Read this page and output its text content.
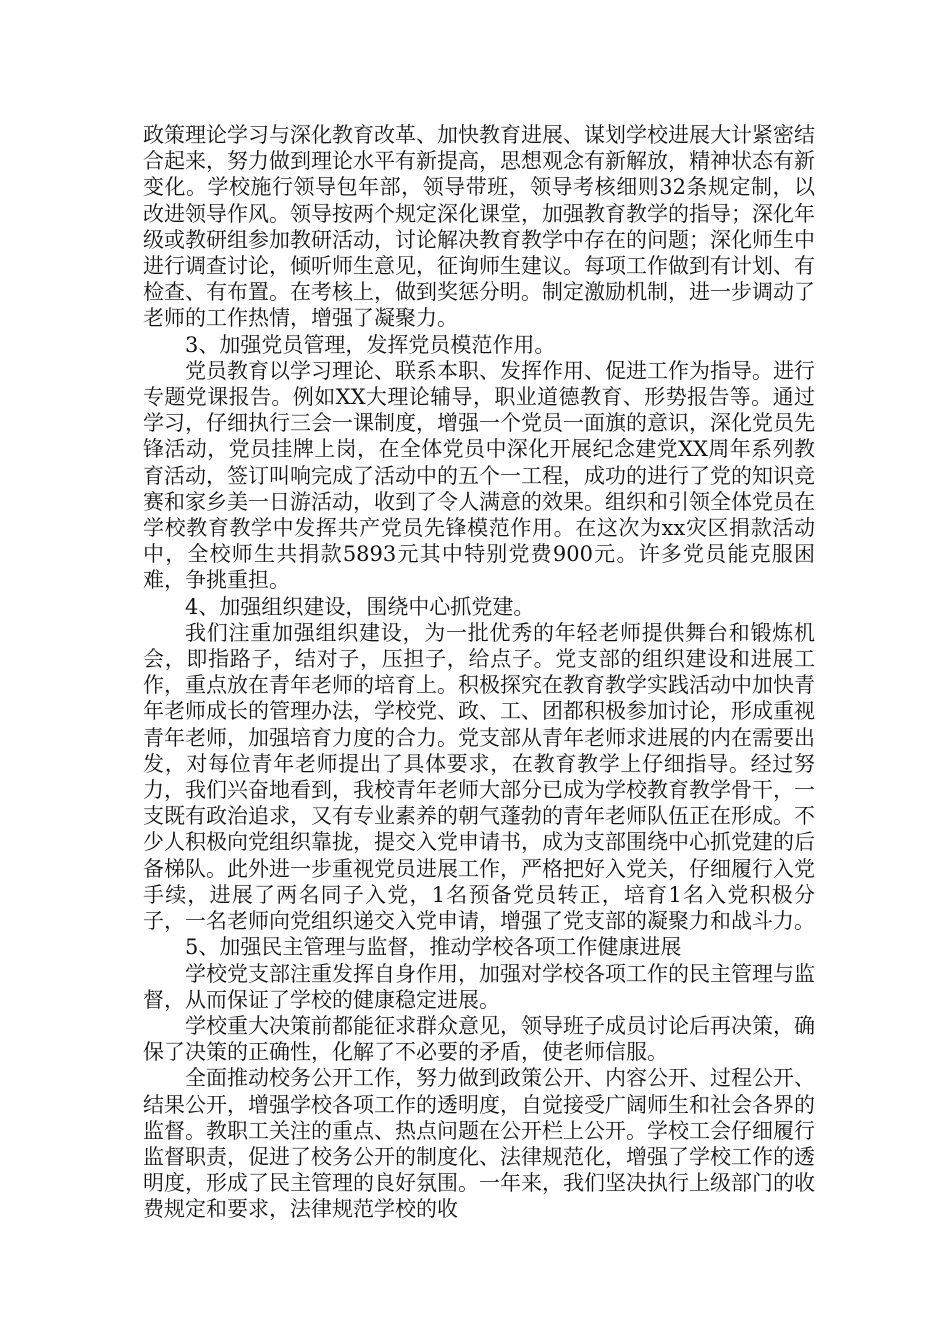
政策理论学习与深化教育改革、加快教育进展、谋划学校进展大计紧密结合起来，努力做到理论水平有新提高，思想观念有新解放，精神状态有新变化。学校施行领导包年部，领导带班，领导考核细则32条规定制，以改进领导作风。领导按两个规定深化课堂，加强教育教学的指导；深化年级或教研组参加教研活动，讨论解决教育教学中存在的问题；深化师生中进行调查讨论，倾听师生意见，征询师生建议。每项工作做到有计划、有检查、有布置。在考核上，做到奖惩分明。制定激励机制，进一步调动了老师的工作热情，增强了凝聚力。

3、加强党员管理，发挥党员模范作用。

党员教育以学习理论、联系本职、发挥作用、促进工作为指导。进行专题党课报告。例如XX大理论辅导，职业道德教育、形势报告等。通过学习，仔细执行三会一课制度，增强一个党员一面旗的意识，深化党员先锋活动，党员挂牌上岗，在全体党员中深化开展纪念建党XX周年系列教育活动，签订叫响完成了活动中的五个一工程，成功的进行了党的知识竞赛和家乡美一日游活动，收到了令人满意的效果。组织和引领全体党员在学校教育教学中发挥共产党员先锋模范作用。在这次为xx灾区捐款活动中，全校师生共捐款5893元其中特别党费900元。许多党员能克服困难，争挑重担。

4、加强组织建设，围绕中心抓党建。

我们注重加强组织建设，为一批优秀的年轻老师提供舞台和锻炼机会，即指路子，结对子，压担子，给点子。党支部的组织建设和进展工作，重点放在青年老师的培育上。积极探究在教育教学实践活动中加快青年老师成长的管理办法，学校党、政、工、团都积极参加讨论，形成重视青年老师，加强培育力度的合力。党支部从青年老师求进展的内在需要出发，对每位青年老师提出了具体要求，在教育教学上仔细指导。经过努力，我们兴奋地看到，我校青年老师大部分已成为学校教育教学骨干，一支既有政治追求，又有专业素养的朝气蓬勃的青年老师队伍正在形成。不少人积极向党组织靠拢，提交入党申请书，成为支部围绕中心抓党建的后备梯队。此外进一步重视党员进展工作，严格把好入党关，仔细履行入党手续，进展了两名同子入党，1名预备党员转正，培育1名入党积极分子，一名老师向党组织递交入党申请，增强了党支部的凝聚力和战斗力。

5、加强民主管理与监督，推动学校各项工作健康进展

学校党支部注重发挥自身作用，加强对学校各项工作的民主管理与监督，从而保证了学校的健康稳定进展。

学校重大决策前都能征求群众意见，领导班子成员讨论后再决策，确保了决策的正确性，化解了不必要的矛盾，使老师信服。

全面推动校务公开工作，努力做到政策公开、内容公开、过程公开、结果公开，增强学校各项工作的透明度，自觉接受广阔师生和社会各界的监督。教职工关注的重点、热点问题在公开栏上公开。学校工会仔细履行监督职责，促进了校务公开的制度化、法律规范化，增强了学校工作的透明度，形成了民主管理的良好氛围。一年来，我们坚决执行上级部门的收费规定和要求，法律规范学校的收
